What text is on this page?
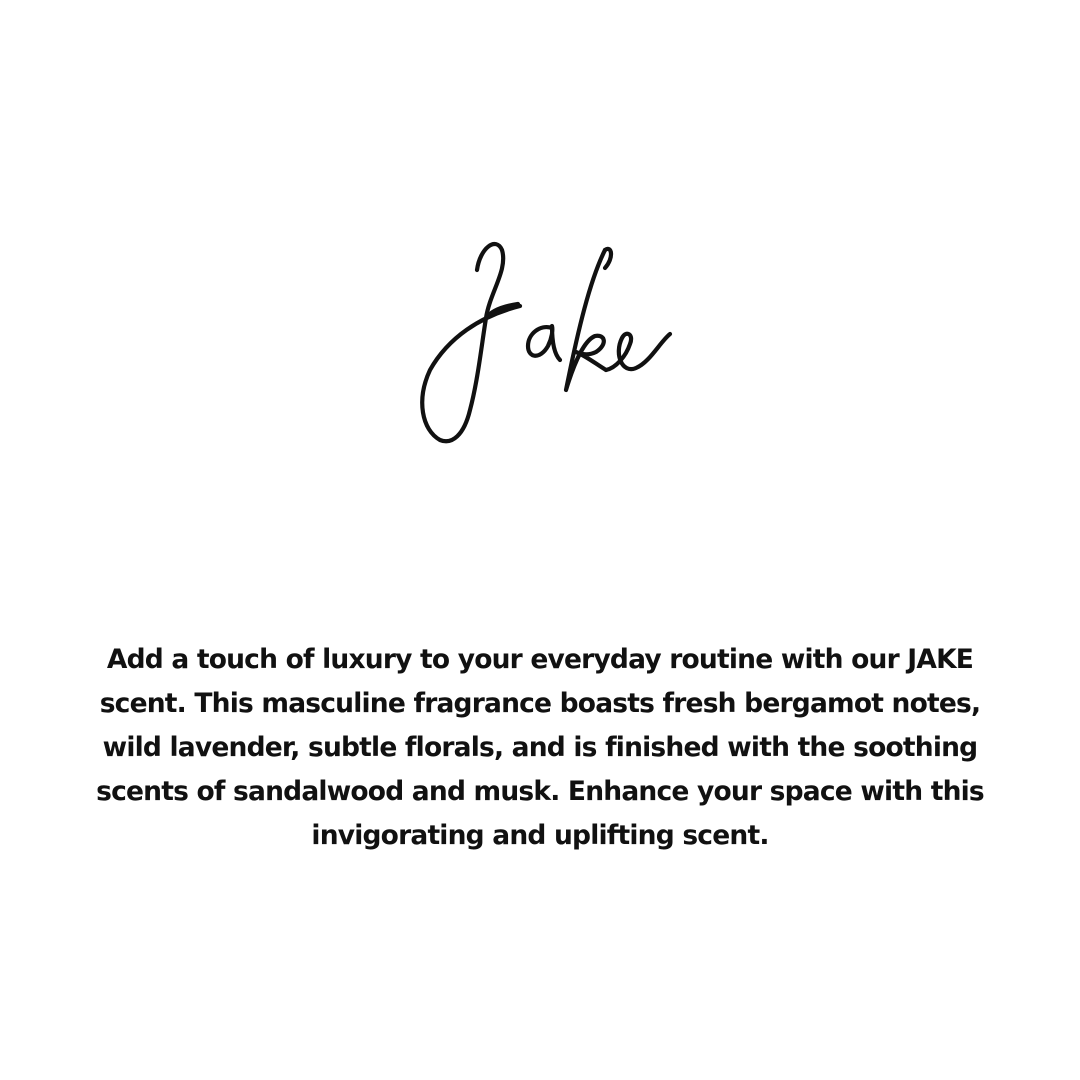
Add a touch of luxury to your everyday routine with our JAKE
scent. This masculine fragrance boasts fresh bergamot notes,
wild lavender, subtle florals, and is finished with the soothing
scents of sandalwood and musk. Enhance your space with this
invigorating and uplifting scent.
